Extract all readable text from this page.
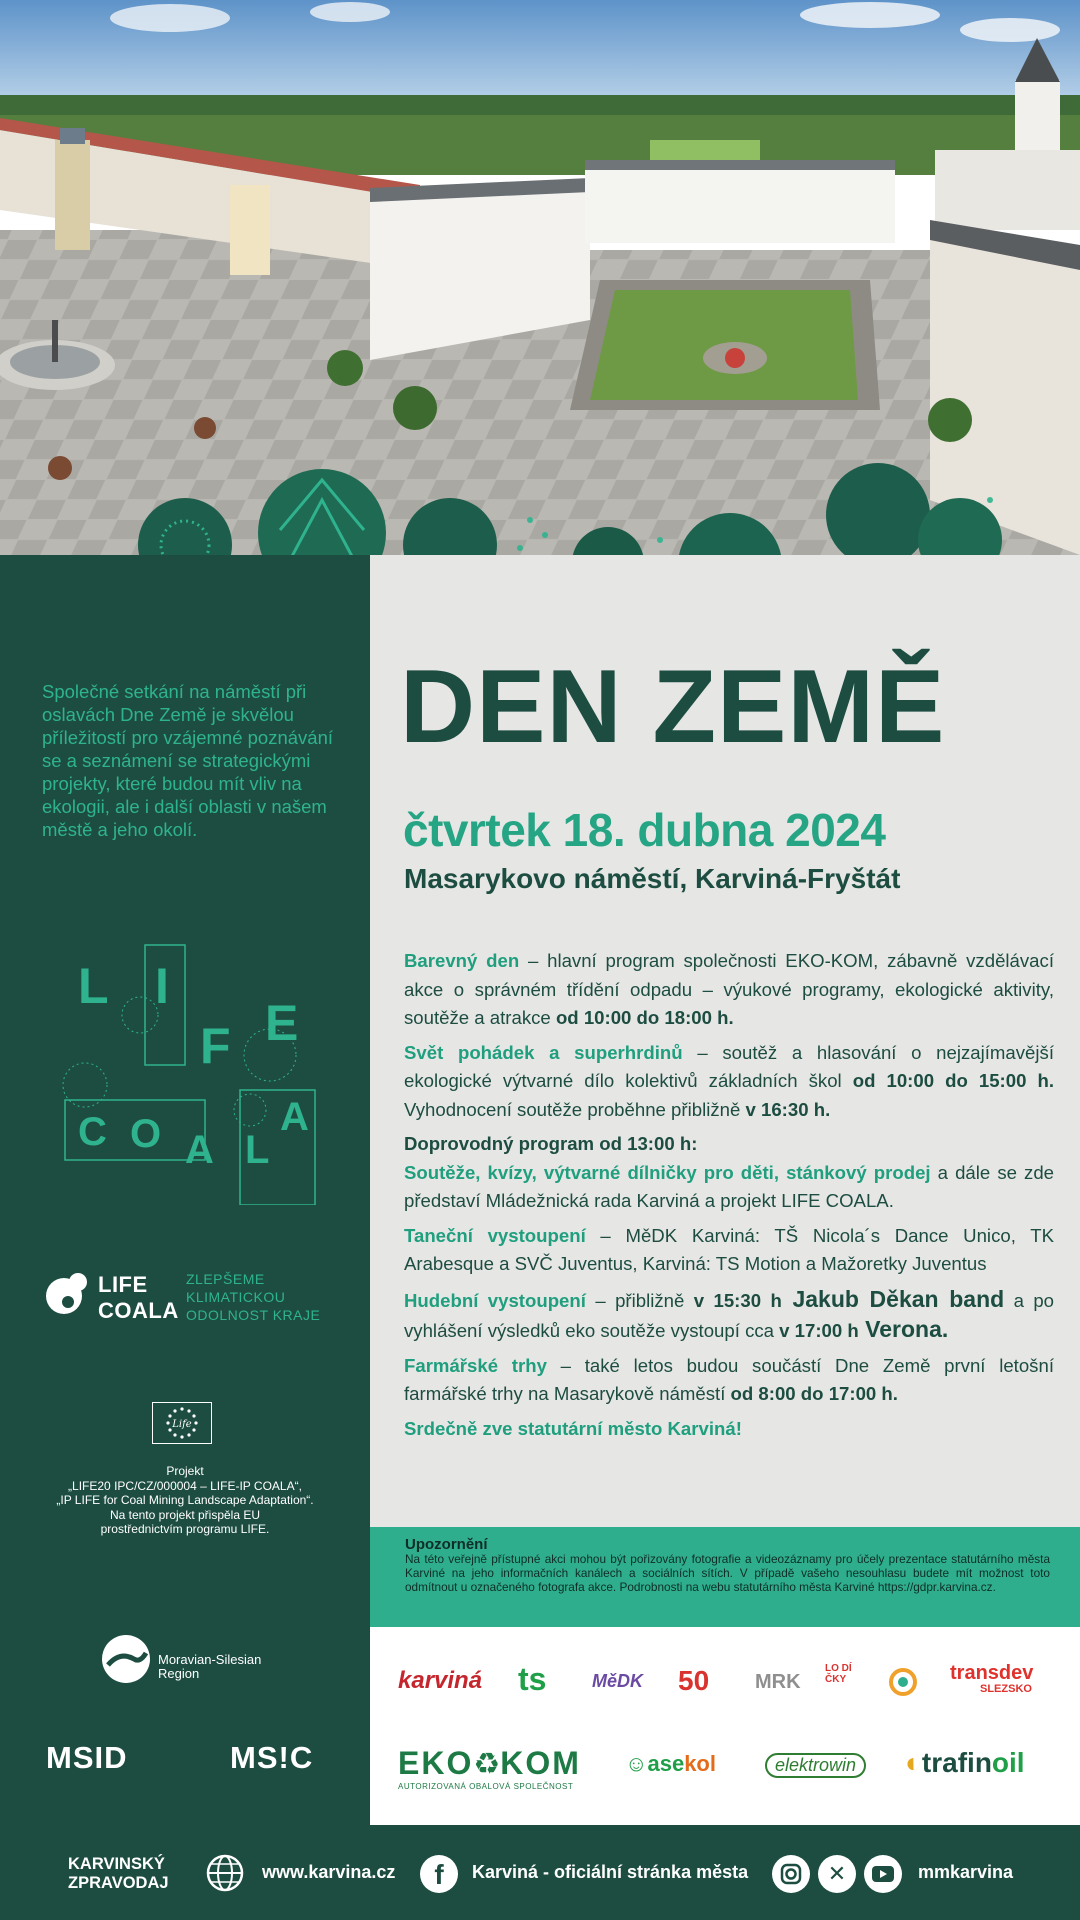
Společné setkání na náměstí při oslavách Dne Země je skvělou příležitostí pro vzájemné poznávání se a seznámení se strategickými projekty, které budou mít vliv na ekologii, ale i další oblasti v našem městě a jeho okolí.

L I
F E
C O A L
A
LIFE
COALA
ZLEPŠEME
KLIMATICKOU
ODOLNOST KRAJE
Life
Projekt
„LIFE20 IPC/CZ/000004 – LIFE-IP COALA“,
„IP LIFE for Coal Mining Landscape Adaptation“.
Na tento projekt přispěla EU
prostřednictvím programu LIFE.
Moravian-Silesian
Region
MSID	MS!C
DEN ZEMĚ
čtvrtek 18. dubna 2024
Masarykovo náměstí, Karviná-Fryštát

Barevný den – hlavní program společnosti EKO-KOM, zábavně vzdělávací akce o správném třídění odpadu – výukové programy, ekologické aktivity, soutěže a atrakce od 10:00 do 18:00 h.

Svět pohádek a superhrdinů – soutěž a hlasování o nejzajímavější ekologické výtvarné dílo kolektivů základních škol od 10:00 do 15:00 h. Vyhodnocení soutěže proběhne přibližně v 16:30 h.

Doprovodný program od 13:00 h:

Soutěže, kvízy, výtvarné dílničky pro děti, stánkový prodej a dále se zde představí Mládežnická rada Karviná a projekt LIFE COALA.

Taneční vystoupení – MěDK Karviná: TŠ Nicola´s Dance Unico, TK Arabesque a SVČ Juventus, Karviná: TS Motion a Mažoretky Juventus

Hudební vystoupení – přibližně v 15:30 h Jakub Děkan band a po vyhlášení výsledků eko soutěže vystoupí cca v 17:00 h Verona.

Farmářské trhy – také letos budou součástí Dne Země první letošní farmářské trhy na Masarykově náměstí od 8:00 do 17:00 h.

Srdečně zve statutární město Karviná!

Upozornění
Na této veřejně přístupné akci mohou být pořizovány fotografie a videozáznamy pro účely prezentace statutárního města Karviné na jeho informačních kanálech a sociálních sítích. V případě vašeho nesouhlasu budete mít možnost toto odmítnout u označeného fotografa akce. Podrobnosti na webu statutárního města Karviné https://gdpr.karvina.cz.
karviná ts	MěDK 50 MRK
LO DÍ ČKY	transdev
SLEZSKO
EKO♻KOM
AUTORIZOVANÁ OBALOVÁ SPOLEČNOST
☺asekol	elektrowin	◐trafinoil
KARVINSKÝ
ZPRAVODAJ
www.karvina.cz	f	Karviná - oficiální stránka města	✕	mmkarvina
